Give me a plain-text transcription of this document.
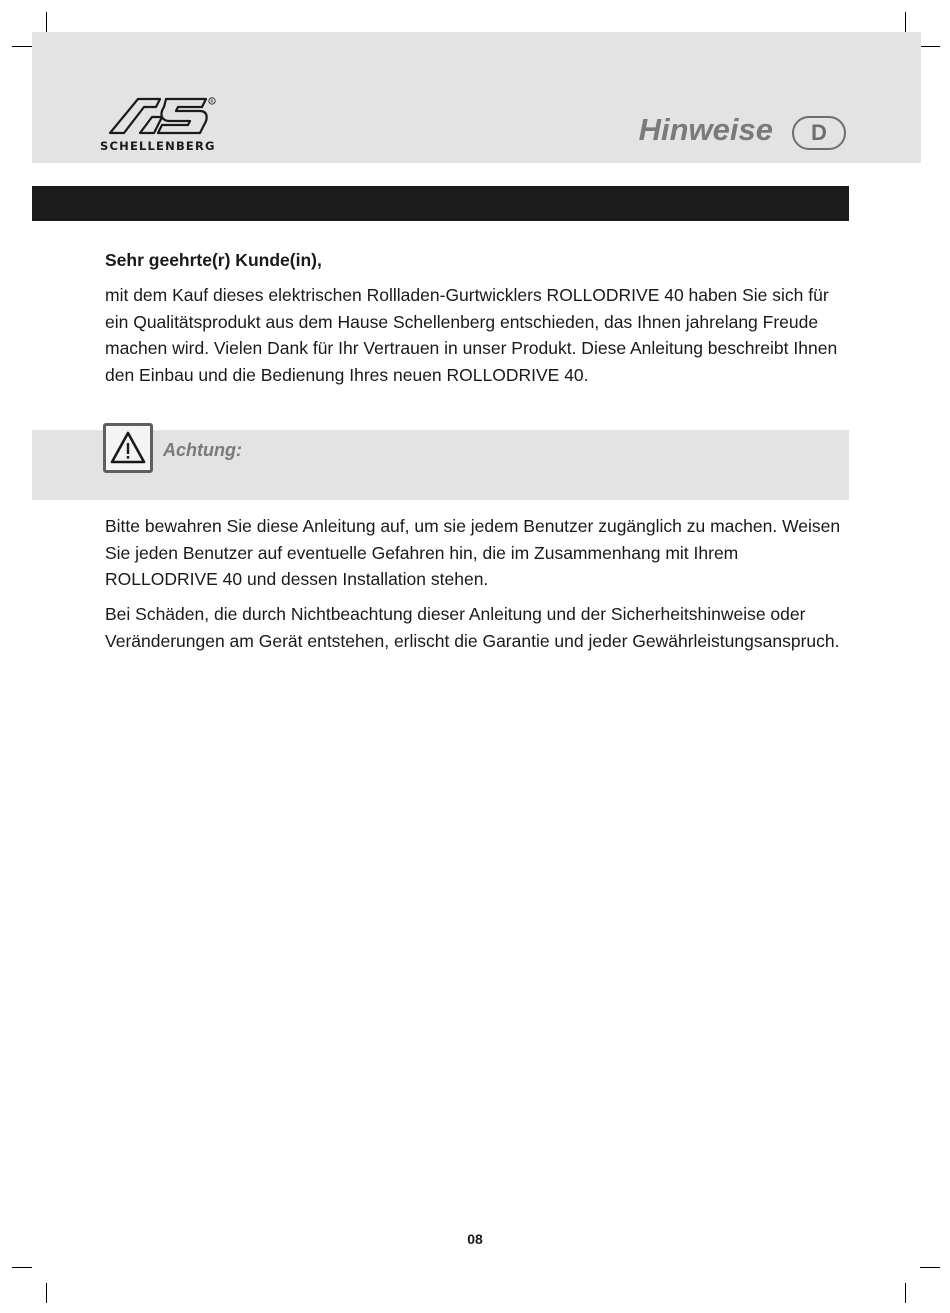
R
SCHELLENBERG	Hinweise	D
Sehr geehrte(r) Kunde(in),

mit dem Kauf dieses elektrischen Rollladen-Gurtwicklers ROLLODRIVE 40 haben Sie sich für ein Qualitätsprodukt aus dem Hause Schellenberg entschieden, das Ihnen jahrelang Freude machen wird. Vielen Dank für Ihr Vertrauen in unser Produkt. Diese Anleitung beschreibt Ihnen den Einbau und die Bedienung Ihres neuen ROLLODRIVE 40.

Achtung:

Bitte bewahren Sie diese Anleitung auf, um sie jedem Benutzer zugänglich zu machen. Weisen Sie jeden Benutzer auf eventuelle Gefahren hin, die im Zusammenhang mit Ihrem ROLLODRIVE 40 und dessen Installation stehen.

Bei Schäden, die durch Nichtbeachtung dieser Anleitung und der Sicherheitshinweise oder Veränderungen am Gerät entstehen, erlischt die Garantie und jeder Gewährleistungsanspruch.

08
